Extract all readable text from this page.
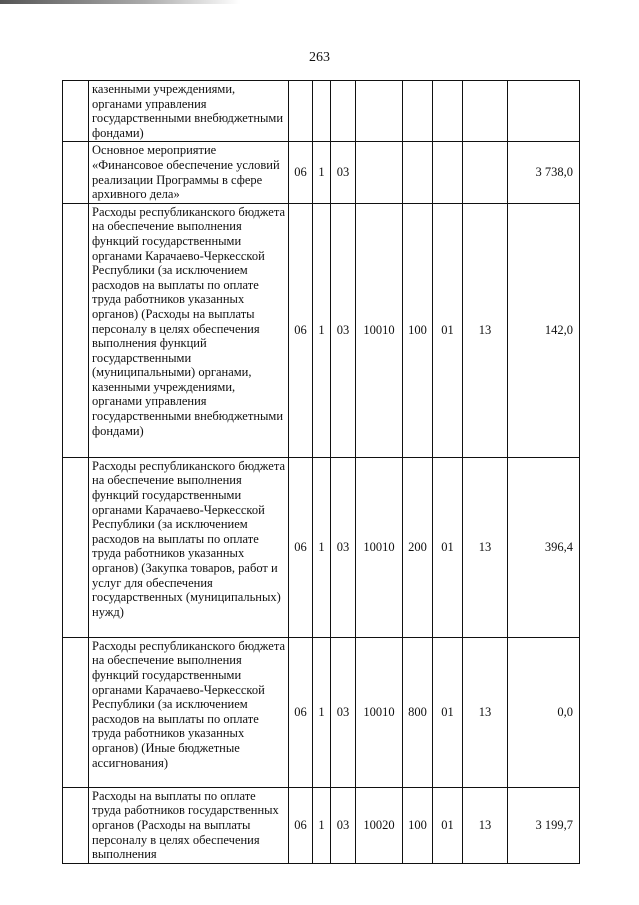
263
	казенными учреждениями, органами управления государственными внебюджетными фондами)								
	Основное мероприятие «Финансовое обеспечение условий реализации Программы в сфере архивного дела»	06	1	03					3 738,0
	Расходы республиканского бюджета на обеспечение выполнения функций государственными органами Карачаево-Черкесской Республики (за исключением расходов на выплаты по оплате труда работников указанных органов) (Расходы на выплаты персоналу в целях обеспечения выполнения функций государственными (муниципальными) органами, казенными учреждениями, органами управления государственными внебюджетными фондами)	06	1	03	10010	100	01	13	142,0
	Расходы республиканского бюджета на обеспечение выполнения функций государственными органами Карачаево-Черкесской Республики (за исключением расходов на выплаты по оплате труда работников указанных органов) (Закупка товаров, работ и услуг для обеспечения государственных (муниципальных) нужд)	06	1	03	10010	200	01	13	396,4
	Расходы республиканского бюджета на обеспечение выполнения функций государственными органами Карачаево-Черкесской Республики (за исключением расходов на выплаты по оплате труда работников указанных органов) (Иные бюджетные ассигнования)	06	1	03	10010	800	01	13	0,0
	Расходы на выплаты по оплате труда работников государственных органов (Расходы на выплаты персоналу в целях обеспечения выполнения	06	1	03	10020	100	01	13	3 199,7
